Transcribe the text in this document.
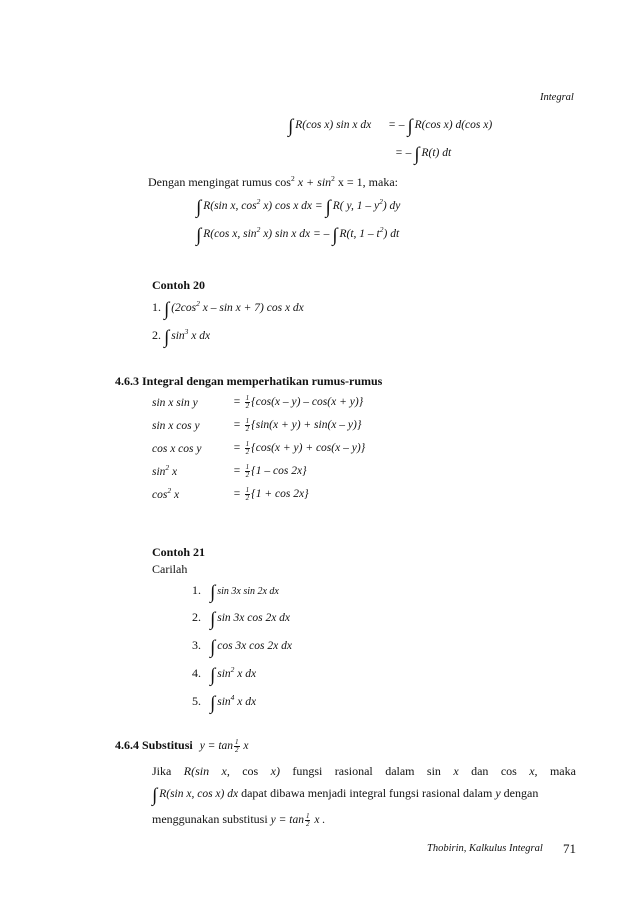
Integral
∫ R(cos x) sin x dx = – ∫ R(cos x) d(cos x)
= – ∫ R(t) dt
Dengan mengingat rumus $\cos^2 x + \sin^2 x = 1$, maka:
∫ R(sin x, $\cos^2 x$) cos x dx = ∫ R( y, $1 - y^2$) dy
∫ R(cos x, $\sin^2 x$) sin x dx = – ∫ R(t, $1 - t^2$) dt
Contoh 20
1. ∫ ($2\cos^2$ x – sin x + 7) cos x dx
2. ∫ $\sin^3 x$ dx
4.6.3 Integral dengan memperhatikan rumus-rumus
sin x sin y	= $\frac{1}{2} \{\cos(x - y) - \cos(x + y)\}$
sin x cos y	= $\frac{1}{2} \{\sin(x + y) + \sin(x - y)\}$
cos x cos y	= $\frac{1}{2} \{\cos(x + y) + \cos(x - y)\}$
$\sin^2 x$	= $\frac{1}{2} \{1$ – cos 2x}
$\cos^2 x$	= $\frac{1}{2} \{1 + \cos 2x\}$
Contoh 21
Carilah
1. ∫ sin 3x sin 2x dx
2. ∫ sin 3x cos 2x dx
3. ∫ cos 3x cos 2x dx
4. ∫ $\sin^2 x$ dx
5. ∫ $\sin^4 x$ dx
4.6.4 Substitusi $y = \tan \frac{1}{2}$ x
Jika R(sin x, cos x) fungsi rasional dalam sin x dan cos x, maka
∫ R(sin x, cos x) dx dapat dibawa menjadi integral fungsi rasional dalam y dengan
menggunakan substitusi $y = \tan \frac{1}{2}$ x .
Thobirin, Kalkulus Integral 71
